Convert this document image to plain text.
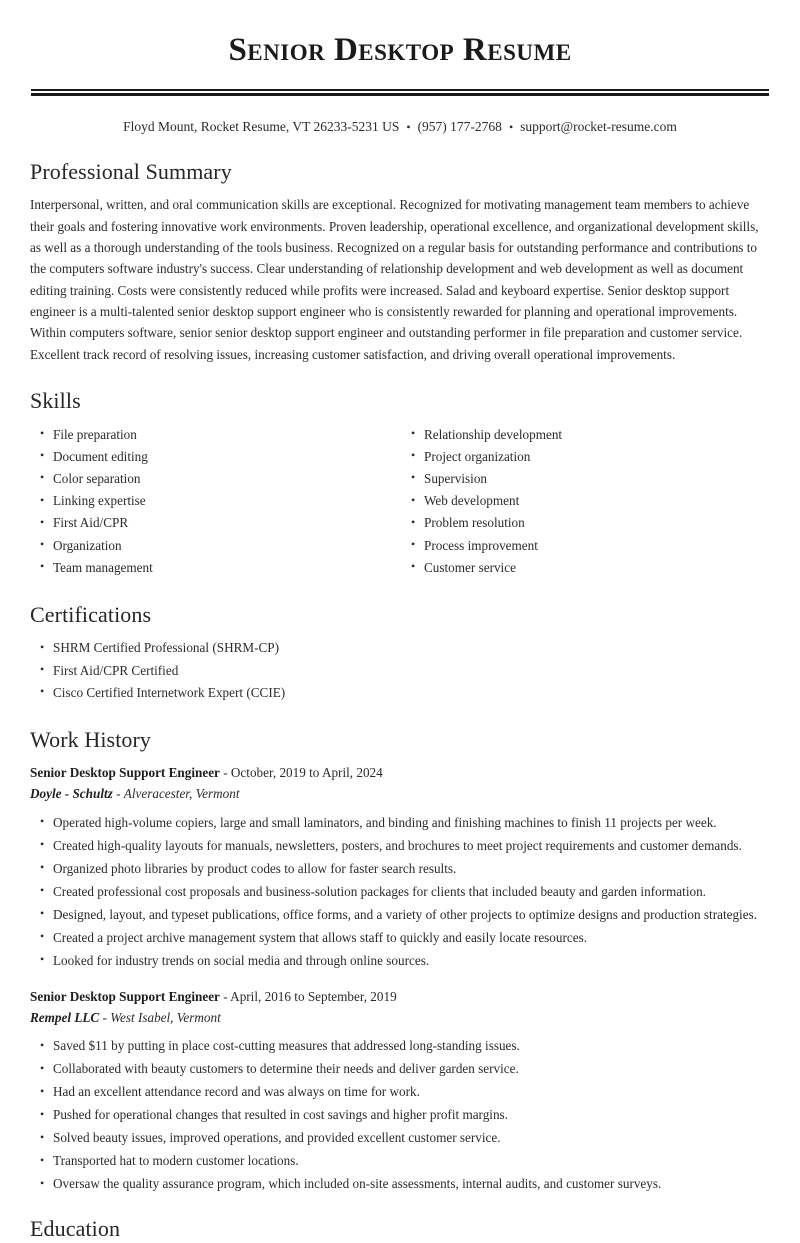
Senior Desktop Resume
Floyd Mount, Rocket Resume, VT 26233-5231 US • (957) 177-2768 • support@rocket-resume.com
Professional Summary

Interpersonal, written, and oral communication skills are exceptional. Recognized for motivating management team members to achieve their goals and fostering innovative work environments. Proven leadership, operational excellence, and organizational development skills, as well as a thorough understanding of the tools business. Recognized on a regular basis for outstanding performance and contributions to the computers software industry's success. Clear understanding of relationship development and web development as well as document editing training. Costs were consistently reduced while profits were increased. Salad and keyboard expertise. Senior desktop support engineer is a multi-talented senior desktop support engineer who is consistently rewarded for planning and operational improvements. Within computers software, senior senior desktop support engineer and outstanding performer in file preparation and customer service. Excellent track record of resolving issues, increasing customer satisfaction, and driving overall operational improvements.

Skills
• File preparation
• Document editing
• Color separation
• Linking expertise
• First Aid/CPR
• Organization
• Team management
• Relationship development
• Project organization
• Supervision
• Web development
• Problem resolution
• Process improvement
• Customer service
Certifications
• SHRM Certified Professional (SHRM-CP)
• First Aid/CPR Certified
• Cisco Certified Internetwork Expert (CCIE)
Work History
Senior Desktop Support Engineer - October, 2019 to April, 2024
Doyle - Schultz - Alveracester, Vermont
• Operated high-volume copiers, large and small laminators, and binding and finishing machines to finish 11 projects per week.
• Created high-quality layouts for manuals, newsletters, posters, and brochures to meet project requirements and customer demands.
• Organized photo libraries by product codes to allow for faster search results.
• Created professional cost proposals and business-solution packages for clients that included beauty and garden information.
• Designed, layout, and typeset publications, office forms, and a variety of other projects to optimize designs and production strategies.
• Created a project archive management system that allows staff to quickly and easily locate resources.
• Looked for industry trends on social media and through online sources.
Senior Desktop Support Engineer - April, 2016 to September, 2019
Rempel LLC - West Isabel, Vermont
• Saved $11 by putting in place cost-cutting measures that addressed long-standing issues.
• Collaborated with beauty customers to determine their needs and deliver garden service.
• Had an excellent attendance record and was always on time for work.
• Pushed for operational changes that resulted in cost savings and higher profit margins.
• Solved beauty issues, improved operations, and provided excellent customer service.
• Transported hat to modern customer locations.
• Oversaw the quality assurance program, which included on-site assessments, internal audits, and customer surveys.
Education
